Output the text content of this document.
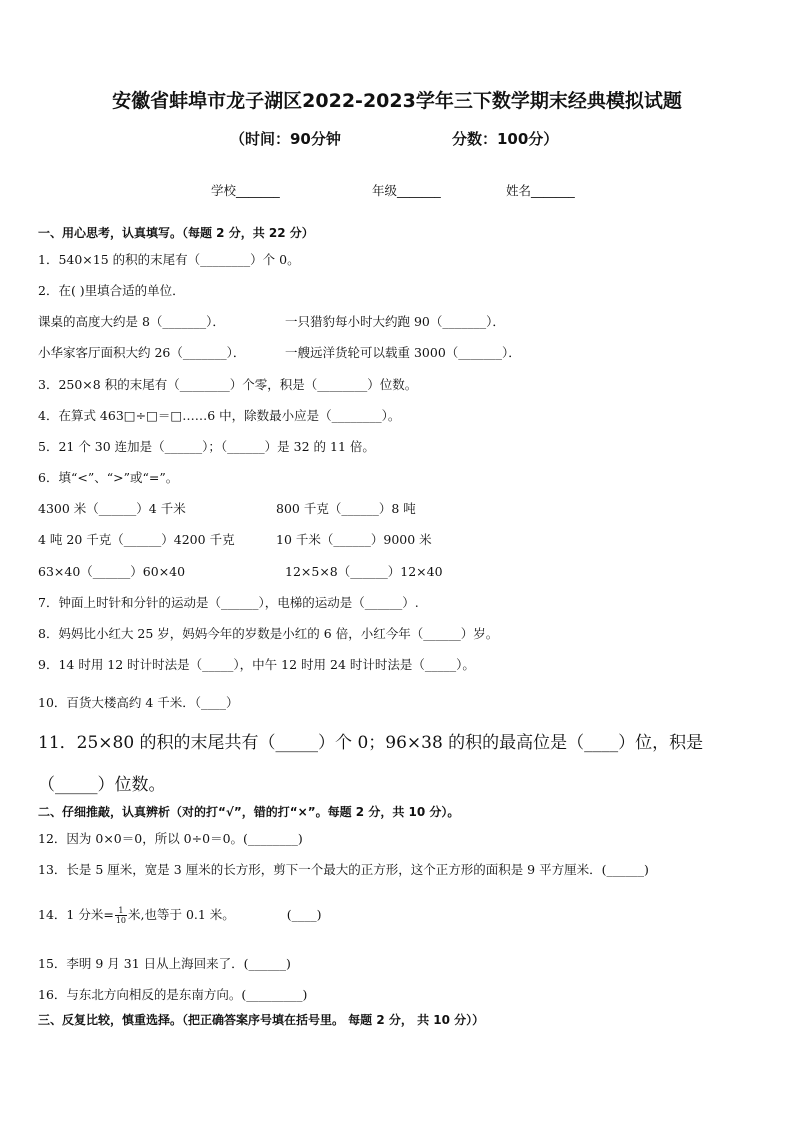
安徽省蚌埠市龙子湖区2022-2023学年三下数学期末经典模拟试题
（时间：90分钟	分数：100分）
学校_______	年级_______	姓名_______
一、用心思考，认真填写。（每题 2 分，共 22 分）
1．540×15 的积的末尾有（________）个 0。
2．在( )里填合适的单位．
课桌的高度大约是 8（_______）．	一只猎豹每小时大约跑 90（_______）．
小华家客厅面积大约 26（_______）．	一艘远洋货轮可以载重 3000（_______）．
3．250×8 积的末尾有（________）个零，积是（________）位数。
4．在算式 463□÷□＝□……6 中，除数最小应是（________）。
5．21 个 30 连加是（______）；（______）是 32 的 11 倍。
6．填“<”、“>”或“=”。
4300 米（______）4 千米	800 千克（______）8 吨
4 吨 20 千克（______）4200 千克	10 千米（______）9000 米
63×40（______）60×40	12×5×8（______）12×40
7．钟面上时针和分针的运动是（______），电梯的运动是（______）.
8．妈妈比小红大 25 岁，妈妈今年的岁数是小红的 6 倍，小红今年（______）岁。
9．14 时用 12 时计时法是（_____），中午 12 时用 24 时计时法是（_____）。
10．百货大楼高约 4 千米．（____）
11．25×80 的积的末尾共有（_____）个 0；96×38 的积的最高位是（____）位，积是
（_____）位数。
二、仔细推敲，认真辨析（对的打“√”，错的打“×”。每题 2 分，共 10 分）。
12．因为 0×0＝0，所以 0÷0＝0。(________)
13．长是 5 厘米，宽是 3 厘米的长方形，剪下一个最大的正方形，这个正方形的面积是 9 平方厘米．(______)
14．1 分米= $\frac{1}{10}$ 米,也等于 0.1 米。	(____)
15．李明 9 月 31 日从上海回来了．(______)
16．与东北方向相反的是东南方向。(_________)
三、反复比较，慎重选择。（把正确答案序号填在括号里。 每题 2 分， 共 10 分））
